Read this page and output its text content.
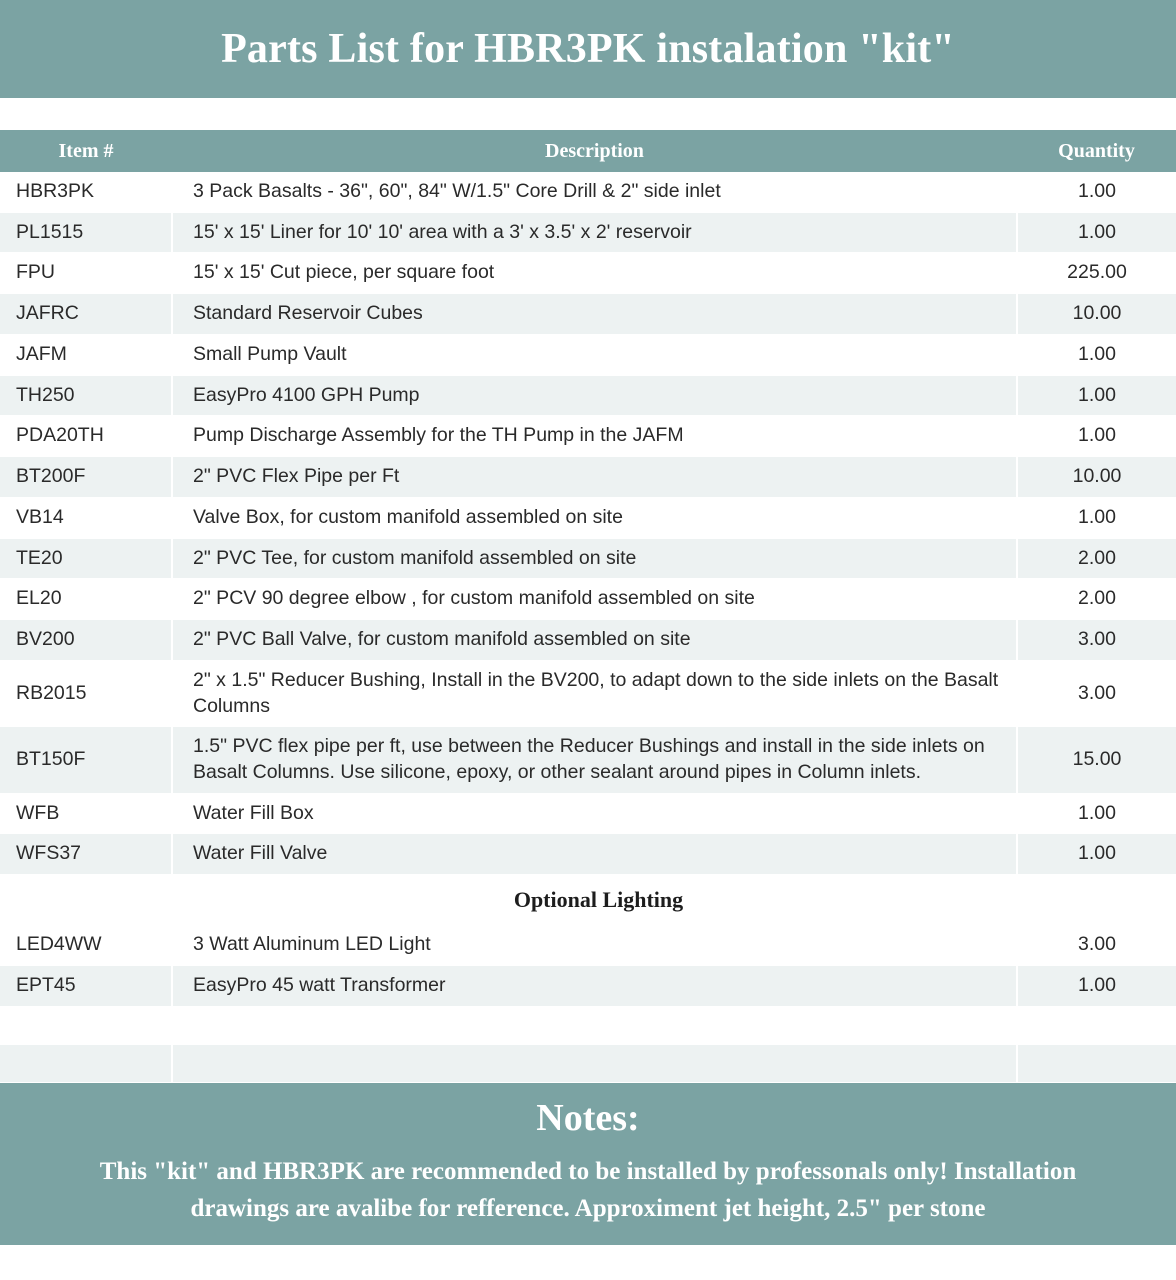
Parts List for HBR3PK instalation "kit"
Item #	Description	Quantity
HBR3PK	3 Pack Basalts - 36", 60", 84" W/1.5" Core Drill & 2" side inlet	1.00
PL1515	15' x 15' Liner for 10' 10' area with a 3' x 3.5' x 2' reservoir	1.00
FPU	15' x 15' Cut piece, per square foot	225.00
JAFRC	Standard Reservoir Cubes	10.00
JAFM	Small Pump Vault	1.00
TH250	EasyPro 4100 GPH Pump	1.00
PDA20TH	Pump Discharge Assembly for the TH Pump in the JAFM	1.00
BT200F	2" PVC Flex Pipe per Ft	10.00
VB14	Valve Box, for custom manifold assembled on site	1.00
TE20	2" PVC Tee, for custom manifold assembled on site	2.00
EL20	2" PCV 90 degree elbow , for custom manifold assembled on site	2.00
BV200	2" PVC Ball Valve, for custom manifold assembled on site	3.00
RB2015	2" x 1.5" Reducer Bushing, Install in the BV200, to adapt down to the side inlets on the Basalt Columns	3.00
BT150F	1.5" PVC flex pipe per ft, use between the Reducer Bushings and install in the side inlets on Basalt Columns. Use silicone, epoxy, or other sealant around pipes in Column inlets.	15.00
WFB	Water Fill Box	1.00
WFS37	Water Fill Valve	1.00
	Optional Lighting	
LED4WW	3 Watt Aluminum LED Light	3.00
EPT45	EasyPro 45 watt Transformer	1.00

Notes:
This "kit" and HBR3PK are recommended to be installed by professonals only! Installation
drawings are avalibe for refference. Approximent jet height, 2.5" per stone
